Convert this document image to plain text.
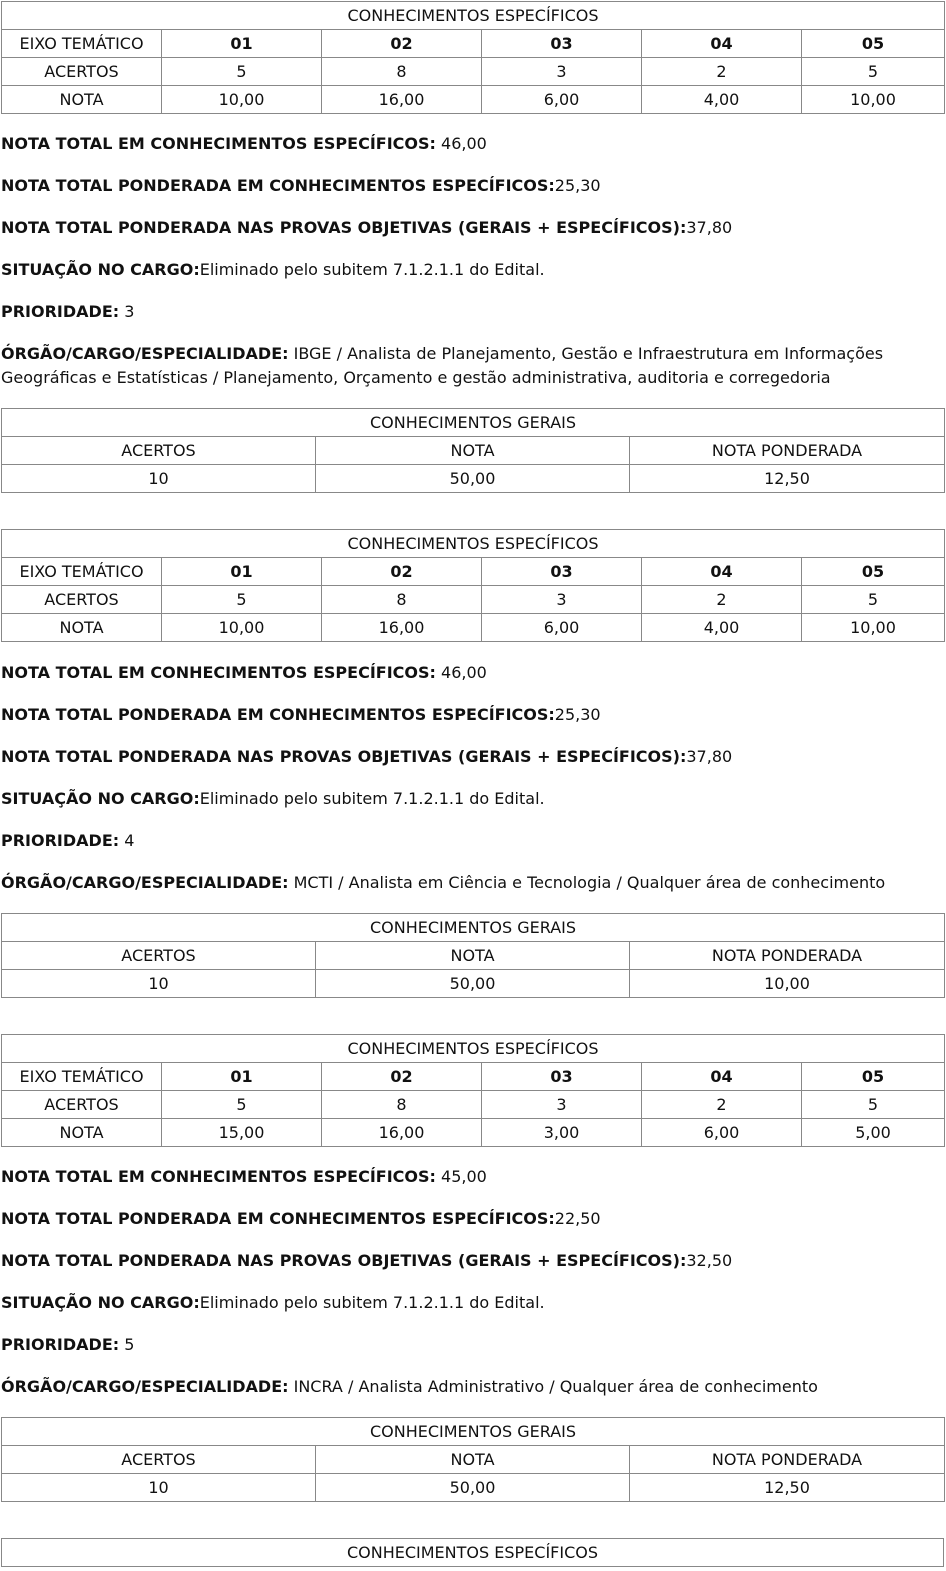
CONHECIMENTOS ESPECÍFICOS					
EIXO TEMÁTICO	01	02	03	04	05
ACERTOS	5	8	3	2	5
NOTA	10,00	16,00	6,00	4,00	10,00
NOTA TOTAL EM CONHECIMENTOS ESPECÍFICOS: 46,00
NOTA TOTAL PONDERADA EM CONHECIMENTOS ESPECÍFICOS:25,30
NOTA TOTAL PONDERADA NAS PROVAS OBJETIVAS (GERAIS + ESPECÍFICOS):37,80
SITUAÇÃO NO CARGO:Eliminado pelo subitem 7.1.2.1.1 do Edital.
PRIORIDADE: 3
ÓRGÃO/CARGO/ESPECIALIDADE: IBGE / Analista de Planejamento, Gestão e Infraestrutura em Informações Geográficas e Estatísticas / Planejamento, Orçamento e gestão administrativa, auditoria e corregedoria
CONHECIMENTOS GERAIS		
ACERTOS	NOTA	NOTA PONDERADA
10	50,00	12,50
CONHECIMENTOS ESPECÍFICOS					
EIXO TEMÁTICO	01	02	03	04	05
ACERTOS	5	8	3	2	5
NOTA	10,00	16,00	6,00	4,00	10,00
NOTA TOTAL EM CONHECIMENTOS ESPECÍFICOS: 46,00
NOTA TOTAL PONDERADA EM CONHECIMENTOS ESPECÍFICOS:25,30
NOTA TOTAL PONDERADA NAS PROVAS OBJETIVAS (GERAIS + ESPECÍFICOS):37,80
SITUAÇÃO NO CARGO:Eliminado pelo subitem 7.1.2.1.1 do Edital.
PRIORIDADE: 4
ÓRGÃO/CARGO/ESPECIALIDADE: MCTI / Analista em Ciência e Tecnologia / Qualquer área de conhecimento
CONHECIMENTOS GERAIS		
ACERTOS	NOTA	NOTA PONDERADA
10	50,00	10,00
CONHECIMENTOS ESPECÍFICOS					
EIXO TEMÁTICO	01	02	03	04	05
ACERTOS	5	8	3	2	5
NOTA	15,00	16,00	3,00	6,00	5,00
NOTA TOTAL EM CONHECIMENTOS ESPECÍFICOS: 45,00
NOTA TOTAL PONDERADA EM CONHECIMENTOS ESPECÍFICOS:22,50
NOTA TOTAL PONDERADA NAS PROVAS OBJETIVAS (GERAIS + ESPECÍFICOS):32,50
SITUAÇÃO NO CARGO:Eliminado pelo subitem 7.1.2.1.1 do Edital.
PRIORIDADE: 5
ÓRGÃO/CARGO/ESPECIALIDADE: INCRA / Analista Administrativo / Qualquer área de conhecimento
CONHECIMENTOS GERAIS		
ACERTOS	NOTA	NOTA PONDERADA
10	50,00	12,50
CONHECIMENTOS ESPECÍFICOS
